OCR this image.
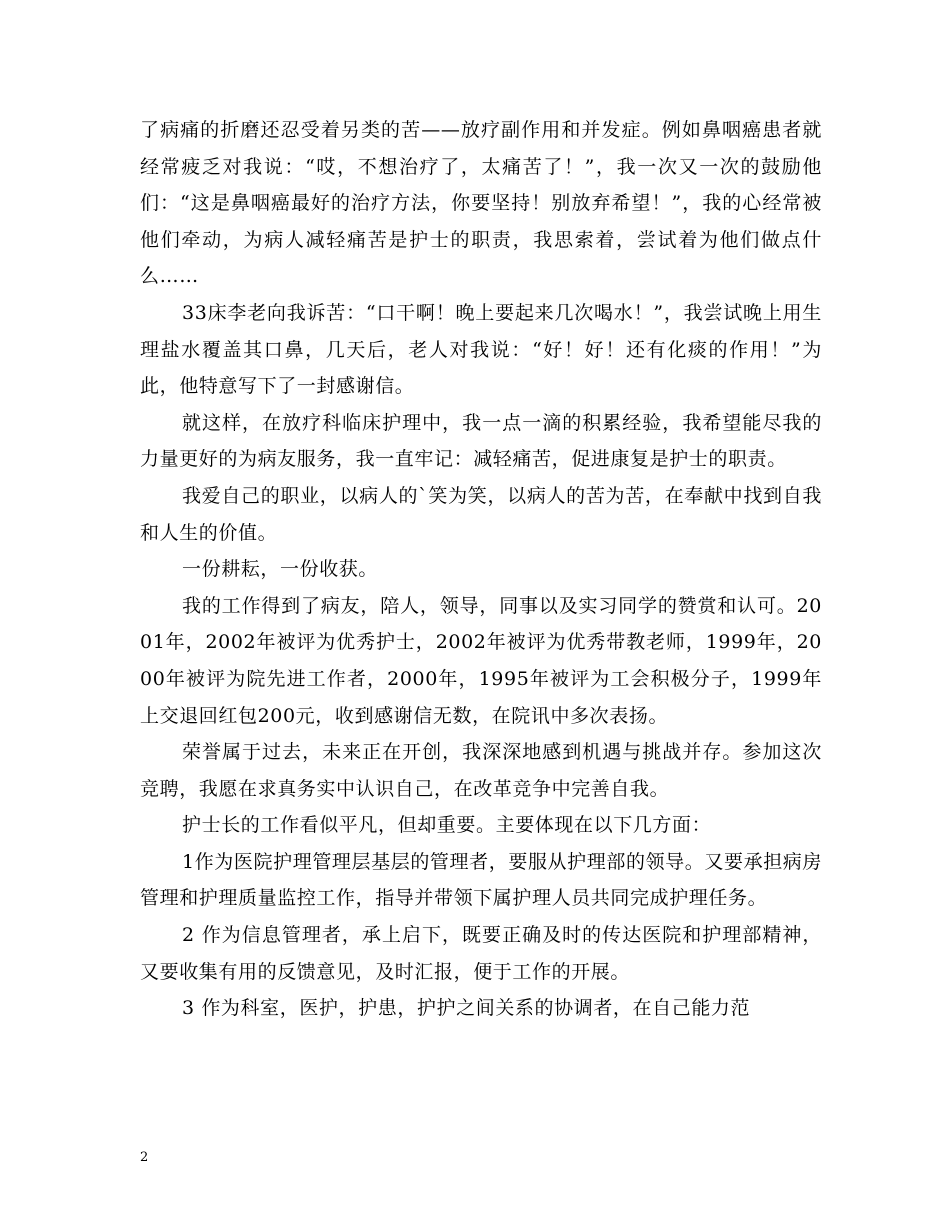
了病痛的折磨还忍受着另类的苦——放疗副作用和并发症。例如鼻咽癌患者就经常疲乏对我说：“哎，不想治疗了，太痛苦了！”，我一次又一次的鼓励他们：“这是鼻咽癌最好的治疗方法，你要坚持！别放弃希望！”，我的心经常被他们牵动，为病人减轻痛苦是护士的职责，我思索着，尝试着为他们做点什么……

33床李老向我诉苦：“口干啊！晚上要起来几次喝水！”，我尝试晚上用生理盐水覆盖其口鼻，几天后，老人对我说：“好！好！还有化痰的作用！”为此，他特意写下了一封感谢信。

就这样，在放疗科临床护理中，我一点一滴的积累经验，我希望能尽我的力量更好的为病友服务，我一直牢记：减轻痛苦，促进康复是护士的职责。

我爱自己的职业，以病人的`笑为笑，以病人的苦为苦，在奉献中找到自我和人生的价值。

一份耕耘，一份收获。

我的工作得到了病友，陪人，领导，同事以及实习同学的赞赏和认可。2001年，2002年被评为优秀护士，2002年被评为优秀带教老师，1999年，2000年被评为院先进工作者，2000年，1995年被评为工会积极分子，1999年上交退回红包200元，收到感谢信无数，在院讯中多次表扬。

荣誉属于过去，未来正在开创，我深深地感到机遇与挑战并存。参加这次竞聘，我愿在求真务实中认识自己，在改革竞争中完善自我。

护士长的工作看似平凡，但却重要。主要体现在以下几方面：

1作为医院护理管理层基层的管理者，要服从护理部的领导。又要承担病房管理和护理质量监控工作，指导并带领下属护理人员共同完成护理任务。

2 作为信息管理者，承上启下，既要正确及时的传达医院和护理部精神，又要收集有用的反馈意见，及时汇报，便于工作的开展。

3 作为科室，医护，护患，护护之间关系的协调者，在自己能力范

2
